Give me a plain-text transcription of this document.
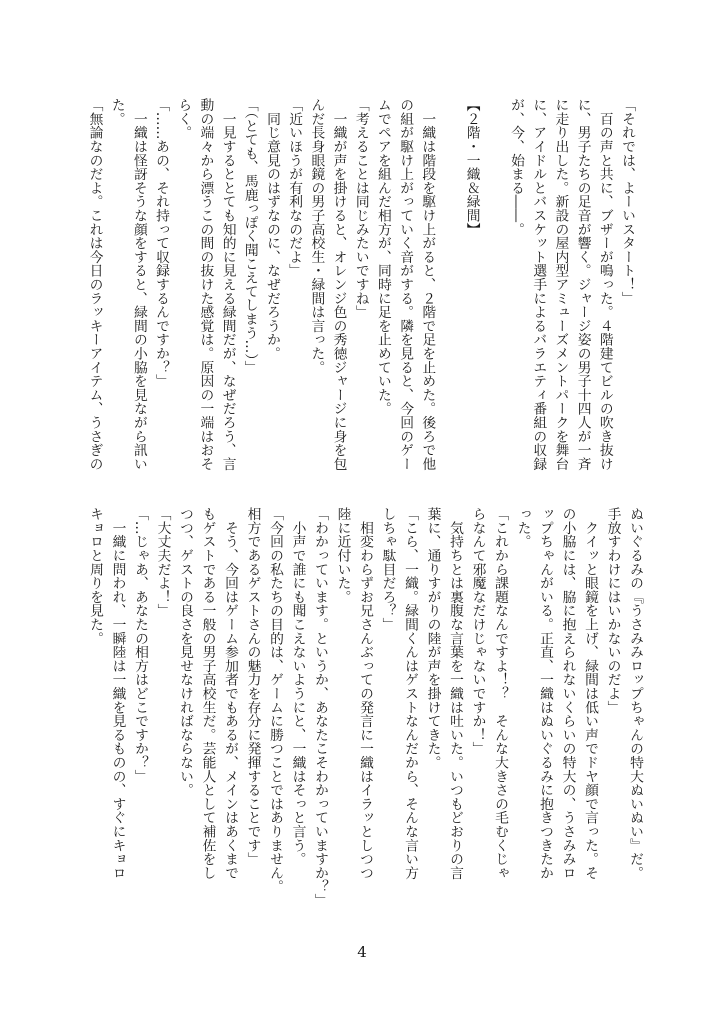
「それでは、よーいスタート！」
　百の声と共に、ブザーが鳴った。４階建てビルの吹き抜け
に、男子たちの足音が響く。ジャージ姿の男子十四人が一斉
に走り出した。新設の屋内型アミューズメントパークを舞台
に、アイドルとバスケット選手によるバラエティ番組の収録
が、今、始まる――。
【２階・一織＆緑間】
　一織は階段を駆け上がると、２階で足を止めた。後ろで他
の組が駆け上がっていく音がする。隣を見ると、今回のゲー
ムでペアを組んだ相方が、同時に足を止めていた。
「考えることは同じみたいですね」
　一織が声を掛けると、オレンジ色の秀徳ジャージに身を包
んだ長身眼鏡の男子高校生・緑間は言った。
「近いほうが有利なのだよ」
　同じ意見のはずなのに、なぜだろうか。
「（とても、馬鹿っぽく聞こえてしまう…）」
　一見するととても知的に見える緑間だが、なぜだろう、言
動の端々から漂うこの間の抜けた感覚は。原因の一端はおそ
らく。
「……あの、それ持って収録するんですか？」
　一織は怪訝そうな顔をすると、緑間の小脇を見ながら訊い
た。
「無論なのだよ。これは今日のラッキーアイテム、うさぎの
ぬいぐるみの『うさみみロップちゃんの特大ぬいぬい』だ。
手放すわけにはいかないのだよ」
　クイッと眼鏡を上げ、緑間は低い声でドヤ顔で言った。そ
の小脇には、脇に抱えられないくらいの特大の、うさみみロ
ップちゃんがいる。正直、一織はぬいぐるみに抱きつきたか
った。
「これから課題なんですよ！？　そんな大きさの毛むくじゃ
らなんて邪魔なだけじゃないですか！」
　気持ちとは裏腹な言葉を一織は吐いた。いつもどおりの言
葉に、通りすがりの陸が声を掛けてきた。
「こら、一織。緑間くんはゲストなんだから、そんな言い方
しちゃ駄目だろ？」
　相変わらずお兄さんぶっての発言に一織はイラッとしつつ
陸に近付いた。
「わかっています。というか、あなたこそわかっていますか？」
　小声で誰にも聞こえないようにと、一織はそっと言う。
「今回の私たちの目的は、ゲームに勝つことではありません。
相方であるゲストさんの魅力を存分に発揮することです」
　そう、今回はゲーム参加者でもあるが、メインはあくまで
もゲストである一般の男子高校生だ。芸能人として補佐をし
つつ、ゲストの良さを見せなければならない。
「大丈夫だよ！」
「…じゃあ、あなたの相方はどこですか？」
　一織に問われ、一瞬陸は一織を見るものの、すぐにキョロ
キョロと周りを見た。
4
